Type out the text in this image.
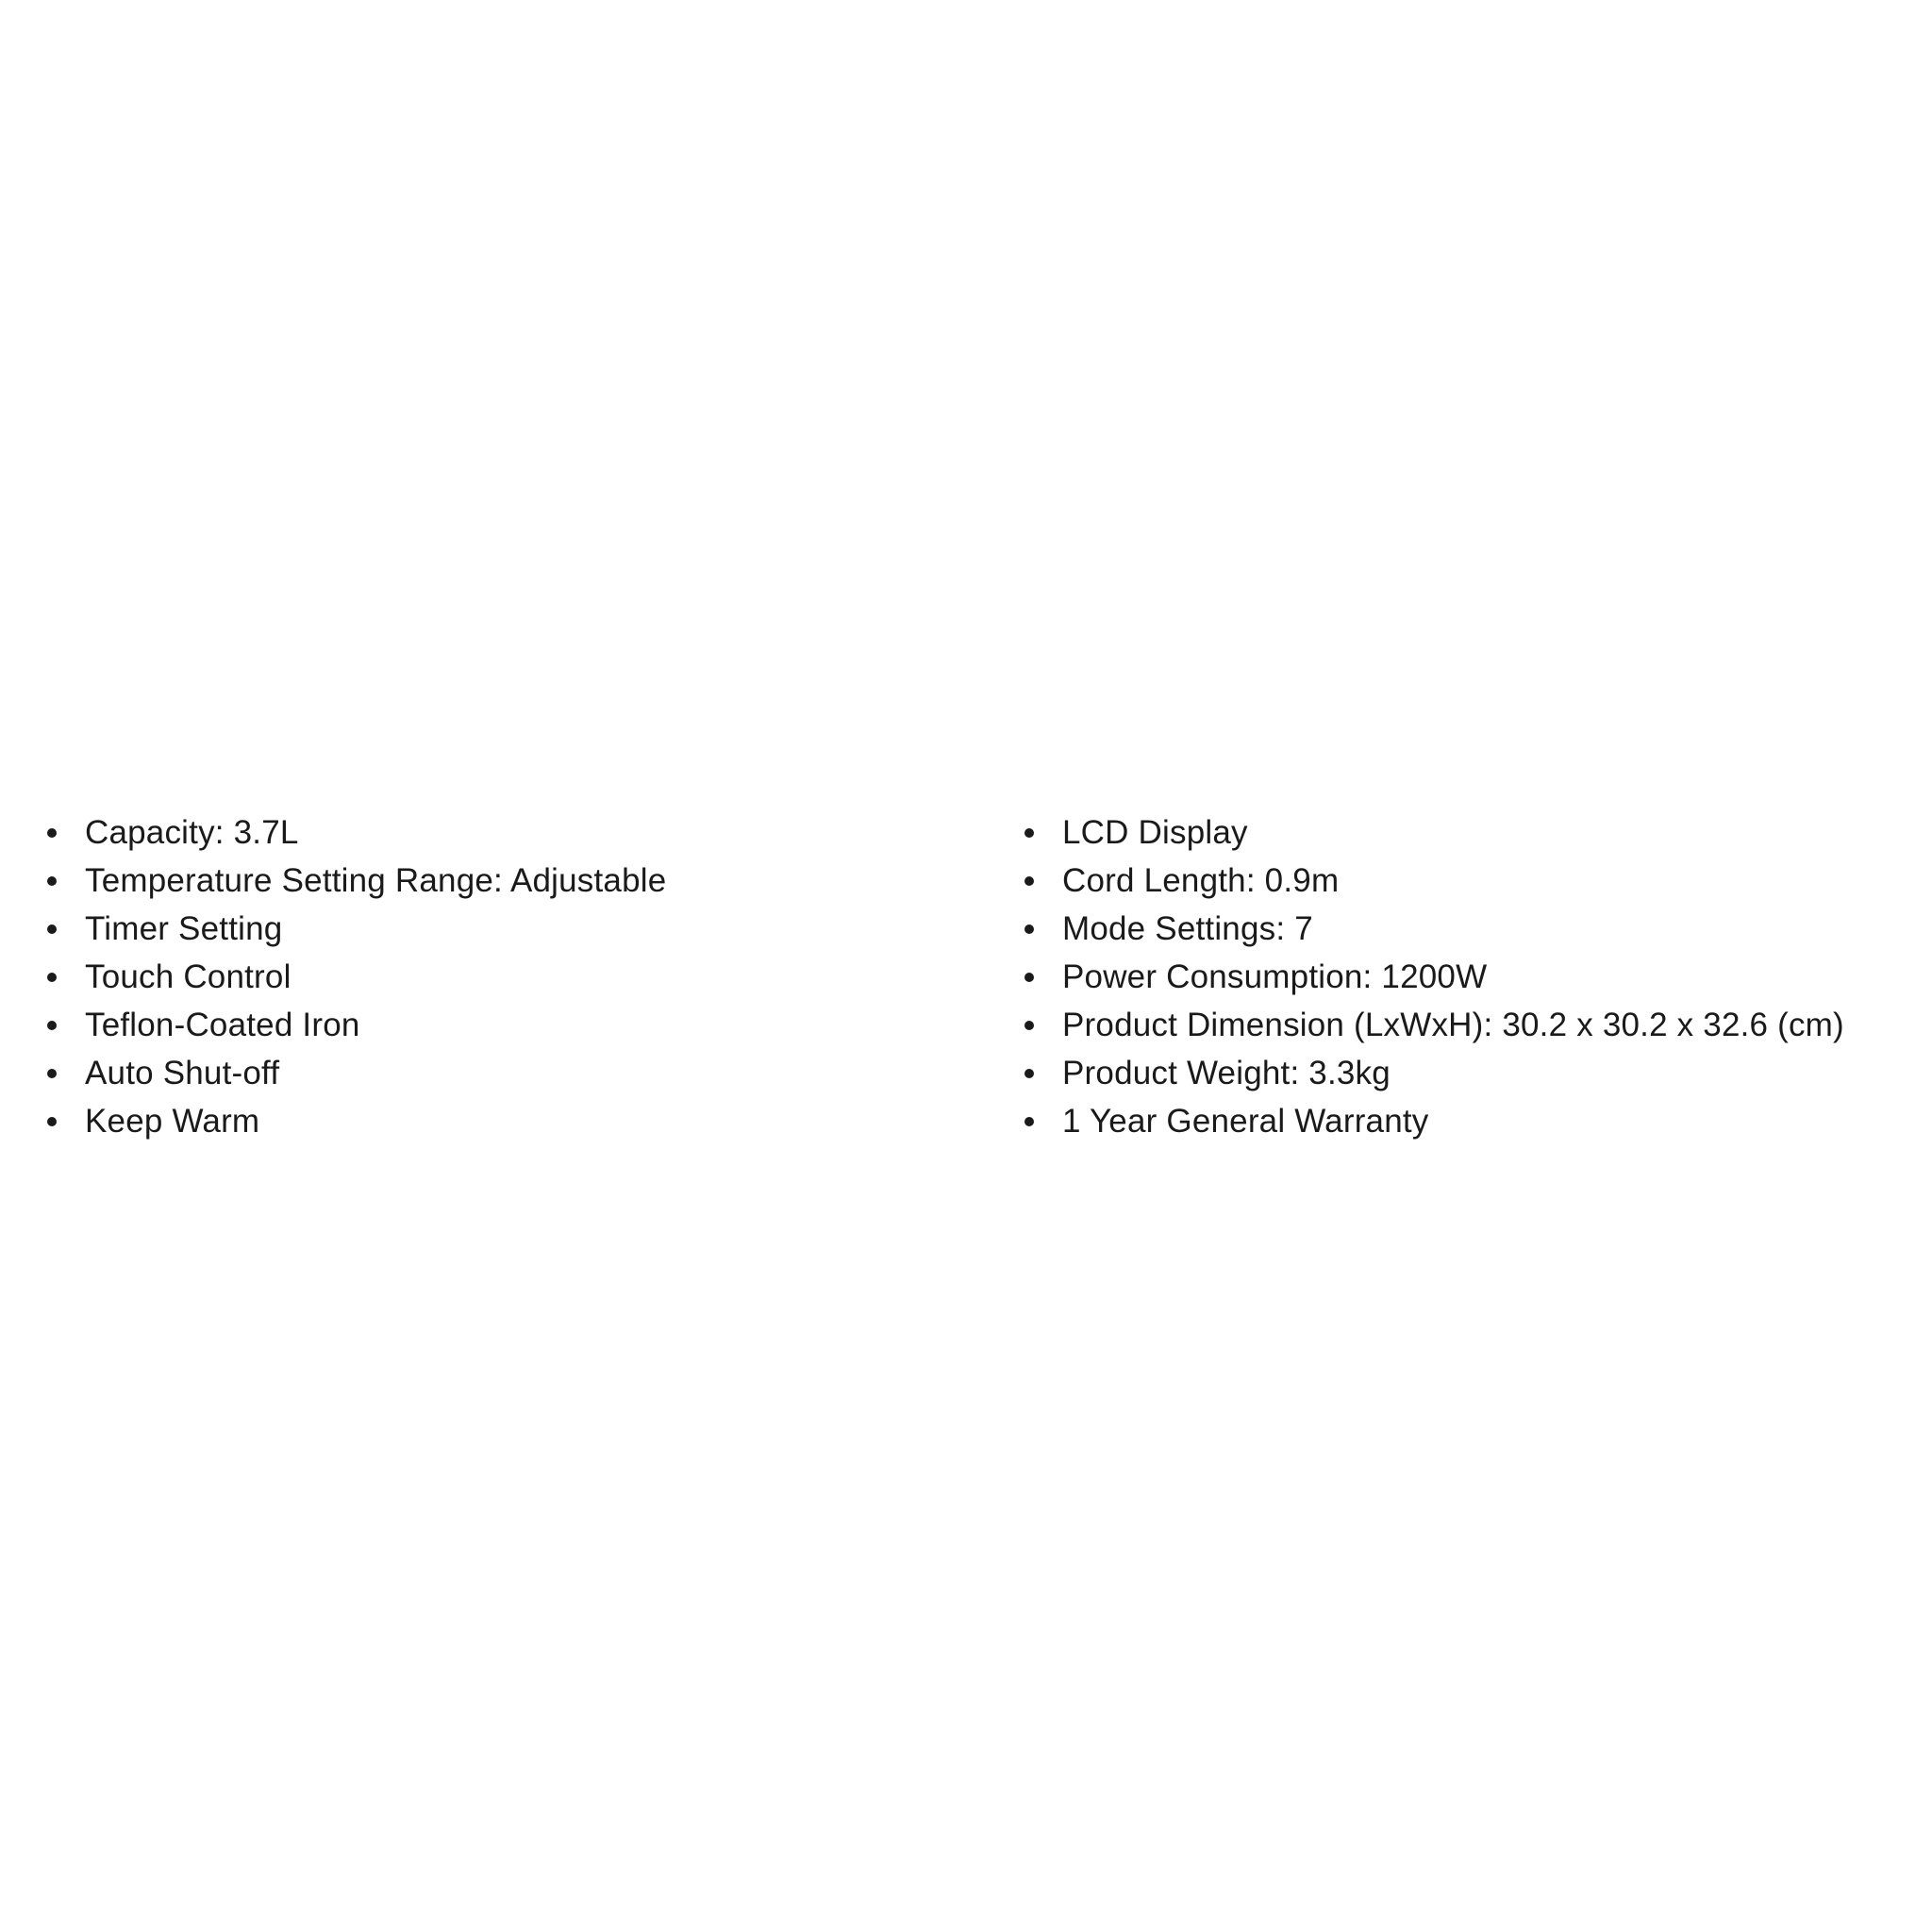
Capacity: 3.7L
Temperature Setting Range: Adjustable
Timer Setting
Touch Control
Teflon-Coated Iron
Auto Shut-off
Keep Warm
LCD Display
Cord Length: 0.9m
Mode Settings: 7
Power Consumption: 1200W
Product Dimension (LxWxH): 30.2 x 30.2 x 32.6 (cm)
Product Weight: 3.3kg
1 Year General Warranty
